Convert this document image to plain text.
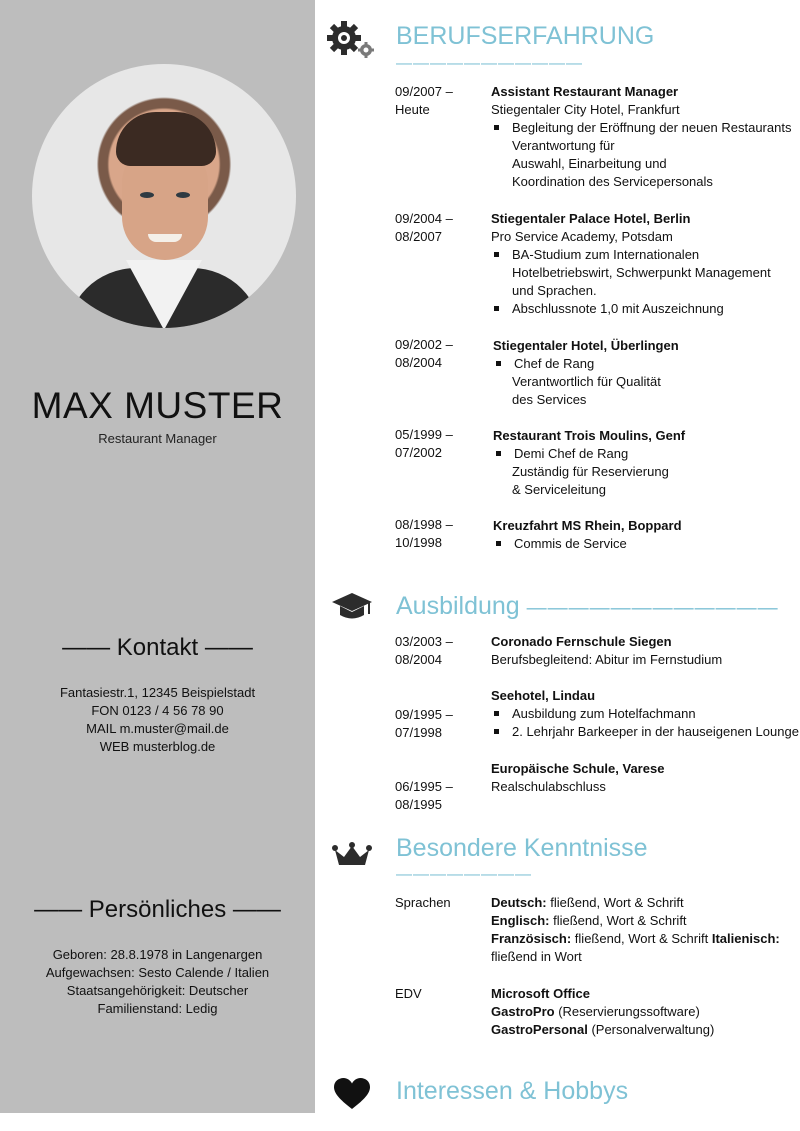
MAX MUSTER
Restaurant Manager
—— Kontakt ——
Fantasiestr.1, 12345 Beispielstadt
FON 0123 / 4 56 78 90
MAIL m.muster@mail.de
WEB musterblog.de
—— Persönliches ——
Geboren: 28.8.1978 in Langenargen
Aufgewachsen: Sesto Calende / Italien
Staatsangehörigkeit: Deutscher
Familienstand: Ledig
BERUFSERFAHRUNG
———————————
09/2007 –
Heute
Assistant Restaurant Manager
Stiegentaler City Hotel, Frankfurt
Begleitung der Eröffnung der neuen Restaurants
Verantwortung für
Auswahl, Einarbeitung und
Koordination des Servicepersonals
09/2004 –
08/2007
Stiegentaler Palace Hotel, Berlin
Pro Service Academy, Potsdam
BA-Studium zum Internationalen
Hotelbetriebswirt, Schwerpunkt Management
und Sprachen.
Abschlussnote 1,0 mit Auszeichnung
09/2002 –
08/2004
Stiegentaler Hotel, Überlingen
Chef de Rang
Verantwortlich für Qualität
des Services
05/1999 –
07/2002
Restaurant Trois Moulins, Genf
Demi Chef de Rang
Zuständig für Reservierung
& Serviceleitung
08/1998 –
10/1998
Kreuzfahrt MS Rhein, Boppard
Commis de Service
Ausbildung ————————————
03/2003 –
08/2004
Coronado Fernschule Siegen
Berufsbegleitend: Abitur im Fernstudium
Seehotel, Lindau
Ausbildung zum Hotelfachmann
2. Lehrjahr Barkeeper in der hauseigenen Lounge
09/1995 –
07/1998
Europäische Schule, Varese
Realschulabschluss
06/1995 –
08/1995
Besondere Kenntnisse
————————
Sprachen	Deutsch: fließend, Wort & Schrift
Englisch: fließend, Wort & Schrift
Französisch: fließend, Wort & Schrift Italienisch:
fließend in Wort
EDV	Microsoft Office
GastroPro (Reservierungssoftware)
GastroPersonal (Personalverwaltung)
Interessen & Hobbys
